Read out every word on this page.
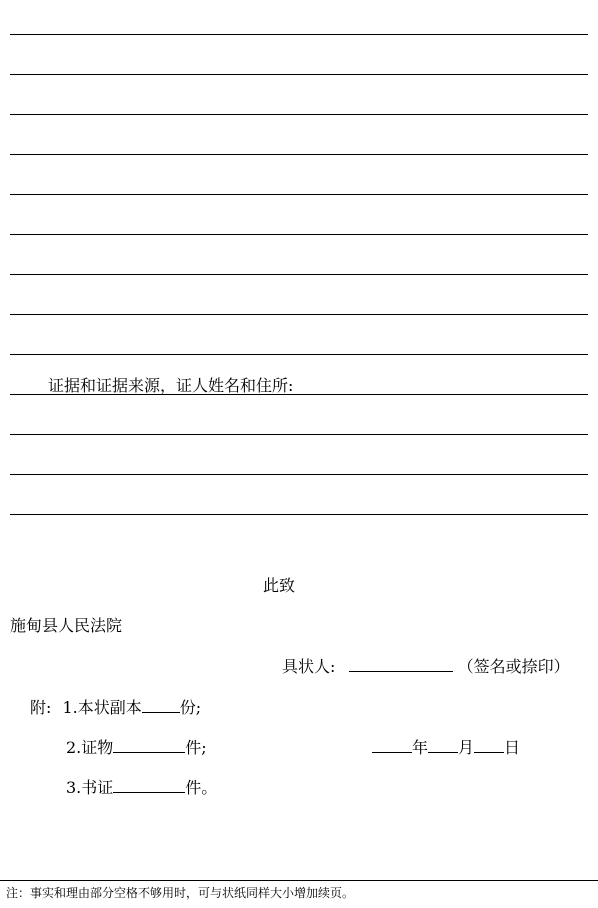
证据和证据来源，证人姓名和住所:
此致
施甸县人民法院
具状人:	（签名或捺印）
附: 1.本状副本 份;
2.证物	件;	年 月 日
3.书证	件。
注：事实和理由部分空格不够用时，可与状纸同样大小增加续页。
